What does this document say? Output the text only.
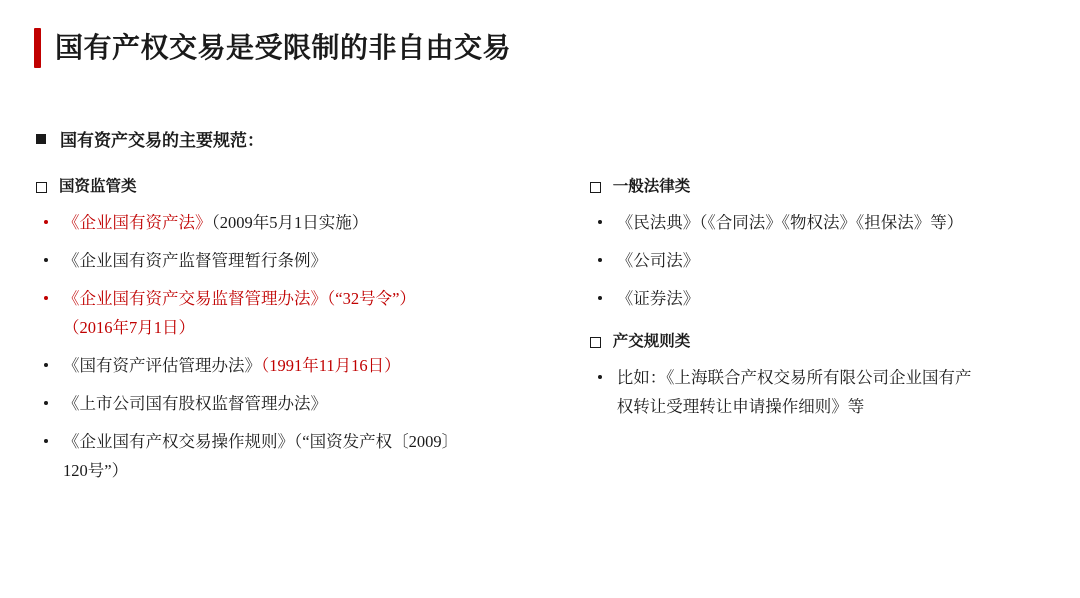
国有产权交易是受限制的非自由交易
国有资产交易的主要规范：
国资监管类
《企业国有资产法》（2009年5月1日实施）
《企业国有资产监督管理暂行条例》
《企业国有资产交易监督管理办法》（“32号令”）
（2016年7月1日）
《国有资产评估管理办法》（1991年11月16日）
《上市公司国有股权监督管理办法》
《企业国有产权交易操作规则》（“国资发产权〔2009〕
120号”）
一般法律类
《民法典》（《合同法》《物权法》《担保法》等）
《公司法》
《证券法》
产交规则类
比如：《上海联合产权交易所有限公司企业国有产
权转让受理转让申请操作细则》等
